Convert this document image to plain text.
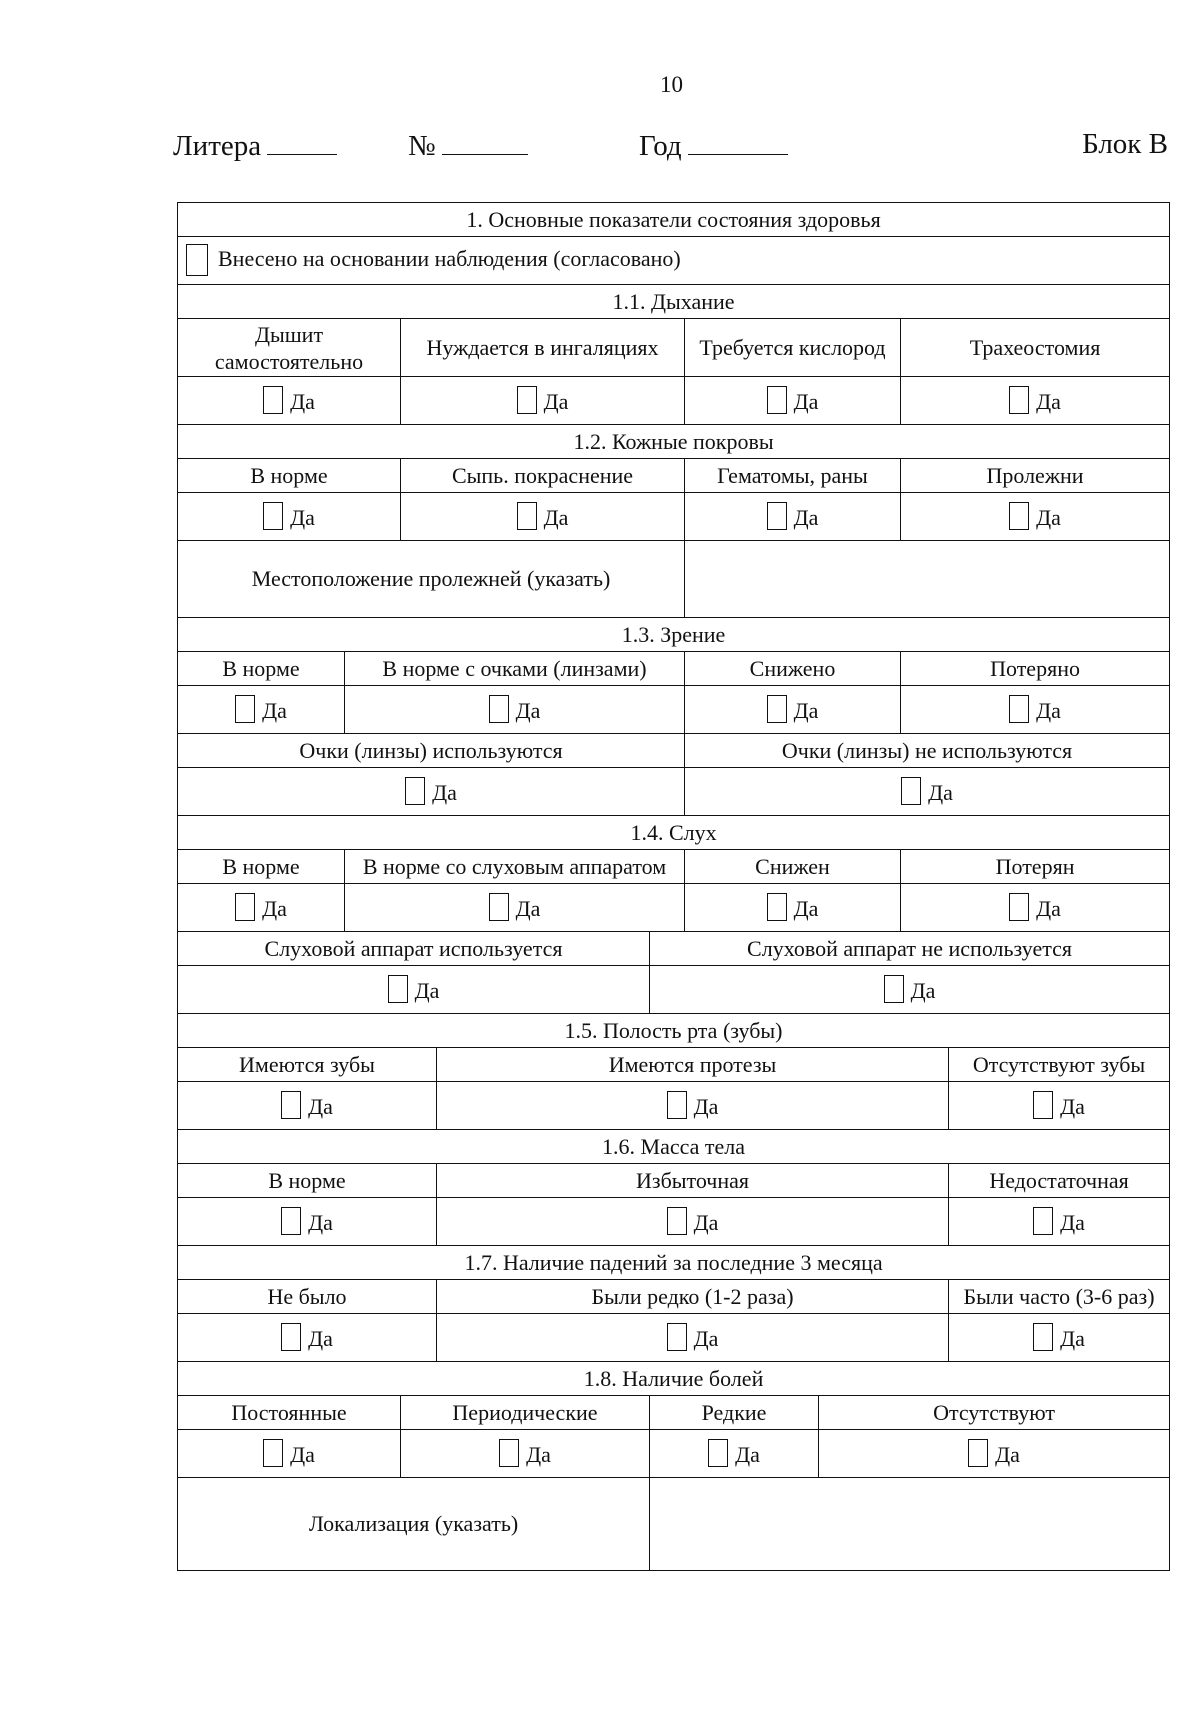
10
Литера	№	Год	Блок В
1. Основные показатели состояния здоровья								
Внесено на основании наблюдения (согласовано)								
1.1. Дыхание								
Дышит самостоятельно		Нуждается в ингаляциях			Требуется кислород		Трахеостомия	
Да		Да			Да		Да	
1.2. Кожные покровы								
В норме		Сыпь. покраснение			Гематомы, раны		Пролежни	
Да		Да			Да		Да	
Местоположение пролежней (указать)								
1.3. Зрение								
В норме	В норме с очками (линзами)				Снижено		Потеряно	
Да	Да				Да		Да	
Очки (линзы) используются					Очки (линзы) не используются			
Да					Да			
1.4. Слух								
В норме	В норме со слуховым аппаратом				Снижен		Потерян	
Да	Да				Да		Да	
Слуховой аппарат используется				Слуховой аппарат не используется				
Да				Да				
1.5. Полость рта (зубы)								
Имеются зубы			Имеются протезы					Отсутствуют зубы
Да			Да					Да
1.6. Масса тела								
В норме			Избыточная					Недостаточная
Да			Да					Да
1.7. Наличие падений за последние 3 месяца								
Не было			Были редко (1-2 раза)					Были часто (3-6 раз)
Да			Да					Да
1.8. Наличие болей								
Постоянные		Периодические		Редкие		Отсутствуют		
Да		Да		Да		Да		
Локализация (указать)								
